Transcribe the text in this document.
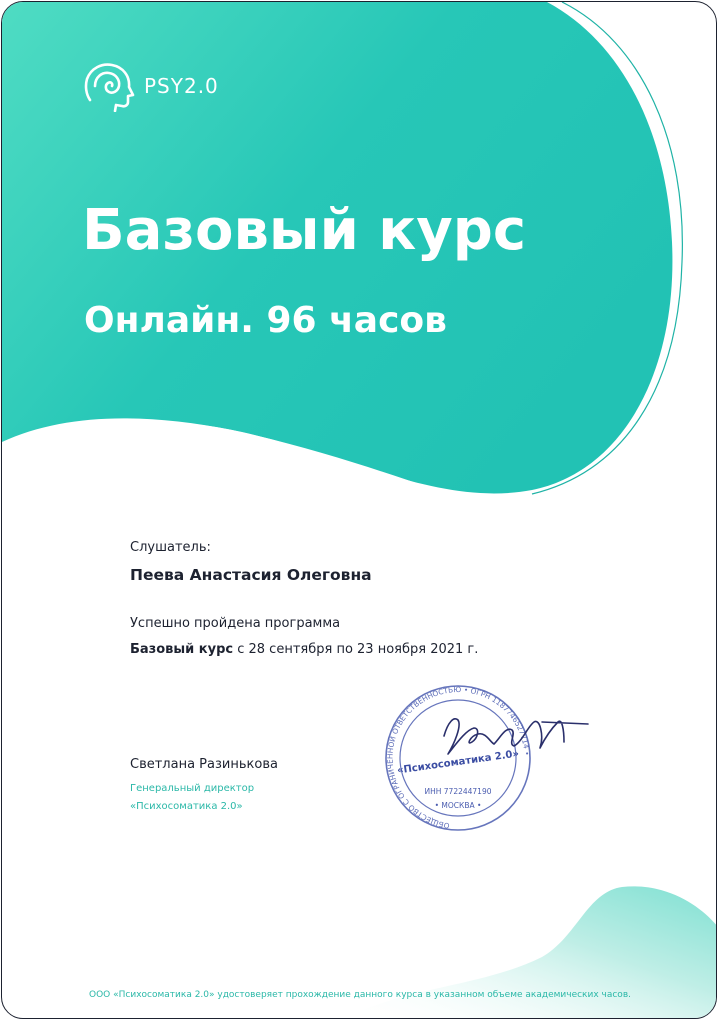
PSY2.0
Базовый курс
Онлайн. 96 часов
Слушатель:
Пеева Анастасия Олеговна
Успешно пройдена программа
Базовый курс с 28 сентября по 23 ноября 2021 г.
Светлана Разинькова
Генеральный директор
«Психосоматика 2.0»
ОБЩЕСТВО С ОГРАНИЧЕННОЙ ОТВЕТСТВЕННОСТЬЮ • ОГРН 1187746527714 •
«Психосоматика 2.0»
ИНН 7722447190
• МОСКВА •
ООО «Психосоматика 2.0» удостоверяет прохождение данного курса в указанном объеме академических часов.
